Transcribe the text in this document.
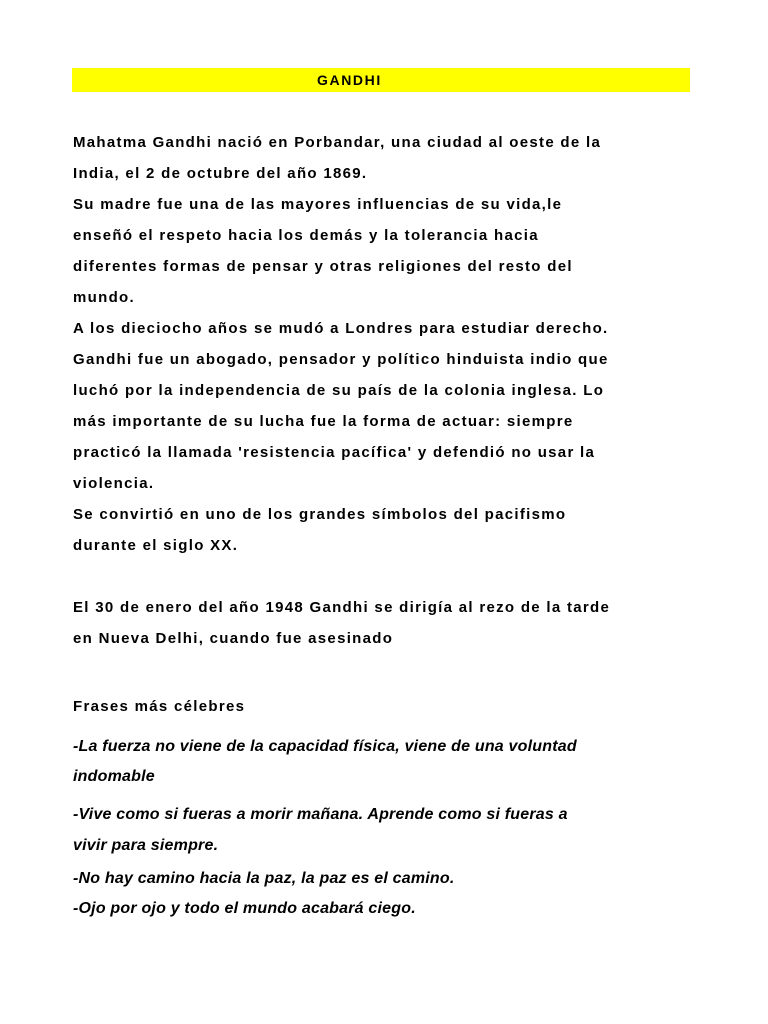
GANDHI
Mahatma Gandhi nació en Porbandar, una ciudad al oeste de la
India, el 2 de octubre del año 1869.
Su madre fue una de las mayores influencias de su vida,le
enseñó el respeto hacia los demás y la tolerancia hacia
diferentes formas de pensar y otras religiones del resto del
mundo.
A los dieciocho años se mudó a Londres para estudiar derecho.
Gandhi fue un abogado, pensador y político hinduista indio que
luchó por la independencia de su país de la colonia inglesa. Lo
más importante de su lucha fue la forma de actuar: siempre
practicó la llamada 'resistencia pacífica' y defendió no usar la
violencia.
Se convirtió en uno de los grandes símbolos del pacifismo
durante el siglo XX.
El 30 de enero del año 1948 Gandhi se dirigía al rezo de la tarde
en Nueva Delhi, cuando fue asesinado
Frases más célebres
-La fuerza no viene de la capacidad física, viene de una voluntad
indomable
-Vive como si fueras a morir mañana. Aprende como si fueras a
vivir para siempre.
-No hay camino hacia la paz, la paz es el camino.
-Ojo por ojo y todo el mundo acabará ciego.
